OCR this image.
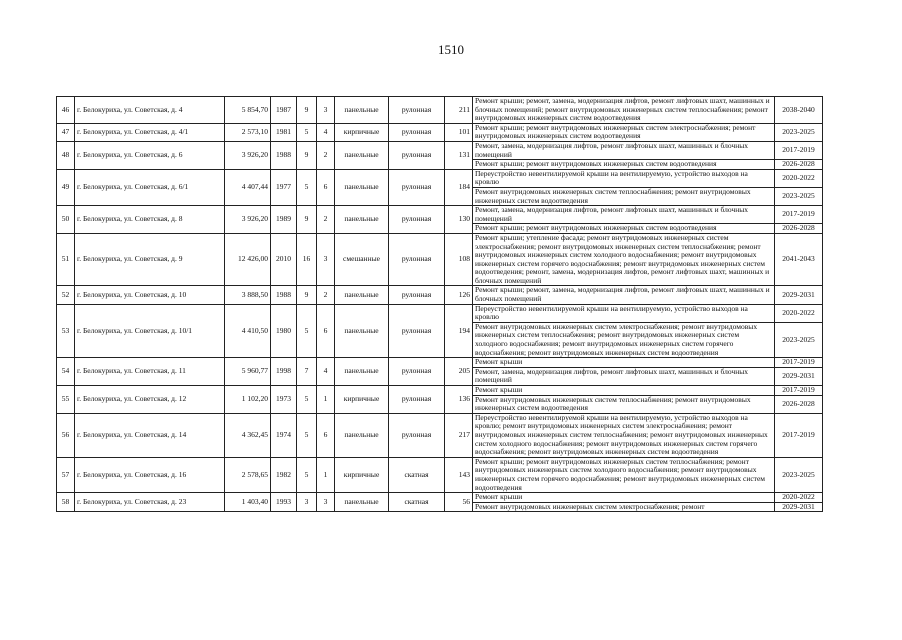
1510
46	г. Белокуриха, ул. Советская, д. 4	5 854,70	1987	9	3	панельные	рулонная	211	Ремонт крыши; ремонт, замена, модернизация лифтов, ремонт лифтовых шахт, машинных и блочных помещений; ремонт внутридомовых инженерных систем теплоснабжения; ремонт внутридомовых инженерных систем водоотведения	2038-2040
47	г. Белокуриха, ул. Советская, д. 4/1	2 573,10	1981	5	4	кирпичные	рулонная	101	Ремонт крыши; ремонт внутридомовых инженерных систем электроснабжения; ремонт внутридомовых инженерных систем водоотведения	2023-2025
48	г. Белокуриха, ул. Советская, д. 6	3 926,20	1988	9	2	панельные	рулонная	131	Ремонт, замена, модернизация лифтов, ремонт лифтовых шахт, машинных и блочных помещений	2017-2019
									Ремонт крыши; ремонт внутридомовых инженерных систем водоотведения	2026-2028
49	г. Белокуриха, ул. Советская, д. 6/1	4 407,44	1977	5	6	панельные	рулонная	184	Переустройство невентилируемой крыши на вентилируемую, устройство выходов на кровлю	2020-2022
									Ремонт внутридомовых инженерных систем теплоснабжения; ремонт внутридомовых инженерных систем водоотведения	2023-2025
50	г. Белокуриха, ул. Советская, д. 8	3 926,20	1989	9	2	панельные	рулонная	130	Ремонт, замена, модернизация лифтов, ремонт лифтовых шахт, машинных и блочных помещений	2017-2019
									Ремонт крыши; ремонт внутридомовых инженерных систем водоотведения	2026-2028
51	г. Белокуриха, ул. Советская, д. 9	12 426,00	2010	16	3	смешанные	рулонная	108	Ремонт крыши; утепление фасада; ремонт внутридомовых инженерных систем электроснабжения; ремонт внутридомовых инженерных систем теплоснабжения; ремонт внутридомовых инженерных систем холодного водоснабжения; ремонт внутридомовых инженерных систем горячего водоснабжения; ремонт внутридомовых инженерных систем водоотведения; ремонт, замена, модернизация лифтов, ремонт лифтовых шахт, машинных и блочных помещений	2041-2043
52	г. Белокуриха, ул. Советская, д. 10	3 888,50	1988	9	2	панельные	рулонная	126	Ремонт крыши; ремонт, замена, модернизация лифтов, ремонт лифтовых шахт, машинных и блочных помещений	2029-2031
53	г. Белокуриха, ул. Советская, д. 10/1	4 410,50	1980	5	6	панельные	рулонная	194	Переустройство невентилируемой крыши на вентилируемую, устройство выходов на кровлю	2020-2022
									Ремонт внутридомовых инженерных систем электроснабжения; ремонт внутридомовых инженерных систем теплоснабжения; ремонт внутридомовых инженерных систем холодного водоснабжения; ремонт внутридомовых инженерных систем горячего водоснабжения; ремонт внутридомовых инженерных систем водоотведения	2023-2025
54	г. Белокуриха, ул. Советская, д. 11	5 960,77	1998	7	4	панельные	рулонная	205	Ремонт крыши	2017-2019
									Ремонт, замена, модернизация лифтов, ремонт лифтовых шахт, машинных и блочных помещений	2029-2031
55	г. Белокуриха, ул. Советская, д. 12	1 102,20	1973	5	1	кирпичные	рулонная	136	Ремонт крыши	2017-2019
									Ремонт внутридомовых инженерных систем теплоснабжения; ремонт внутридомовых инженерных систем водоотведения	2026-2028
56	г. Белокуриха, ул. Советская, д. 14	4 362,45	1974	5	6	панельные	рулонная	217	Переустройство невентилируемой крыши на вентилируемую, устройство выходов на кровлю; ремонт внутридомовых инженерных систем электроснабжения; ремонт внутридомовых инженерных систем теплоснабжения; ремонт внутридомовых инженерных систем холодного водоснабжения; ремонт внутридомовых инженерных систем горячего водоснабжения; ремонт внутридомовых инженерных систем водоотведения	2017-2019
57	г. Белокуриха, ул. Советская, д. 16	2 578,65	1982	5	1	кирпичные	скатная	143	Ремонт крыши; ремонт внутридомовых инженерных систем теплоснабжения; ремонт внутридомовых инженерных систем холодного водоснабжения; ремонт внутридомовых инженерных систем горячего водоснабжения; ремонт внутридомовых инженерных систем водоотведения	2023-2025
58	г. Белокуриха, ул. Советская, д. 23	1 403,40	1993	3	3	панельные	скатная	56	Ремонт крыши	2020-2022
									Ремонт внутридомовых инженерных систем электроснабжения; ремонт	2029-2031
